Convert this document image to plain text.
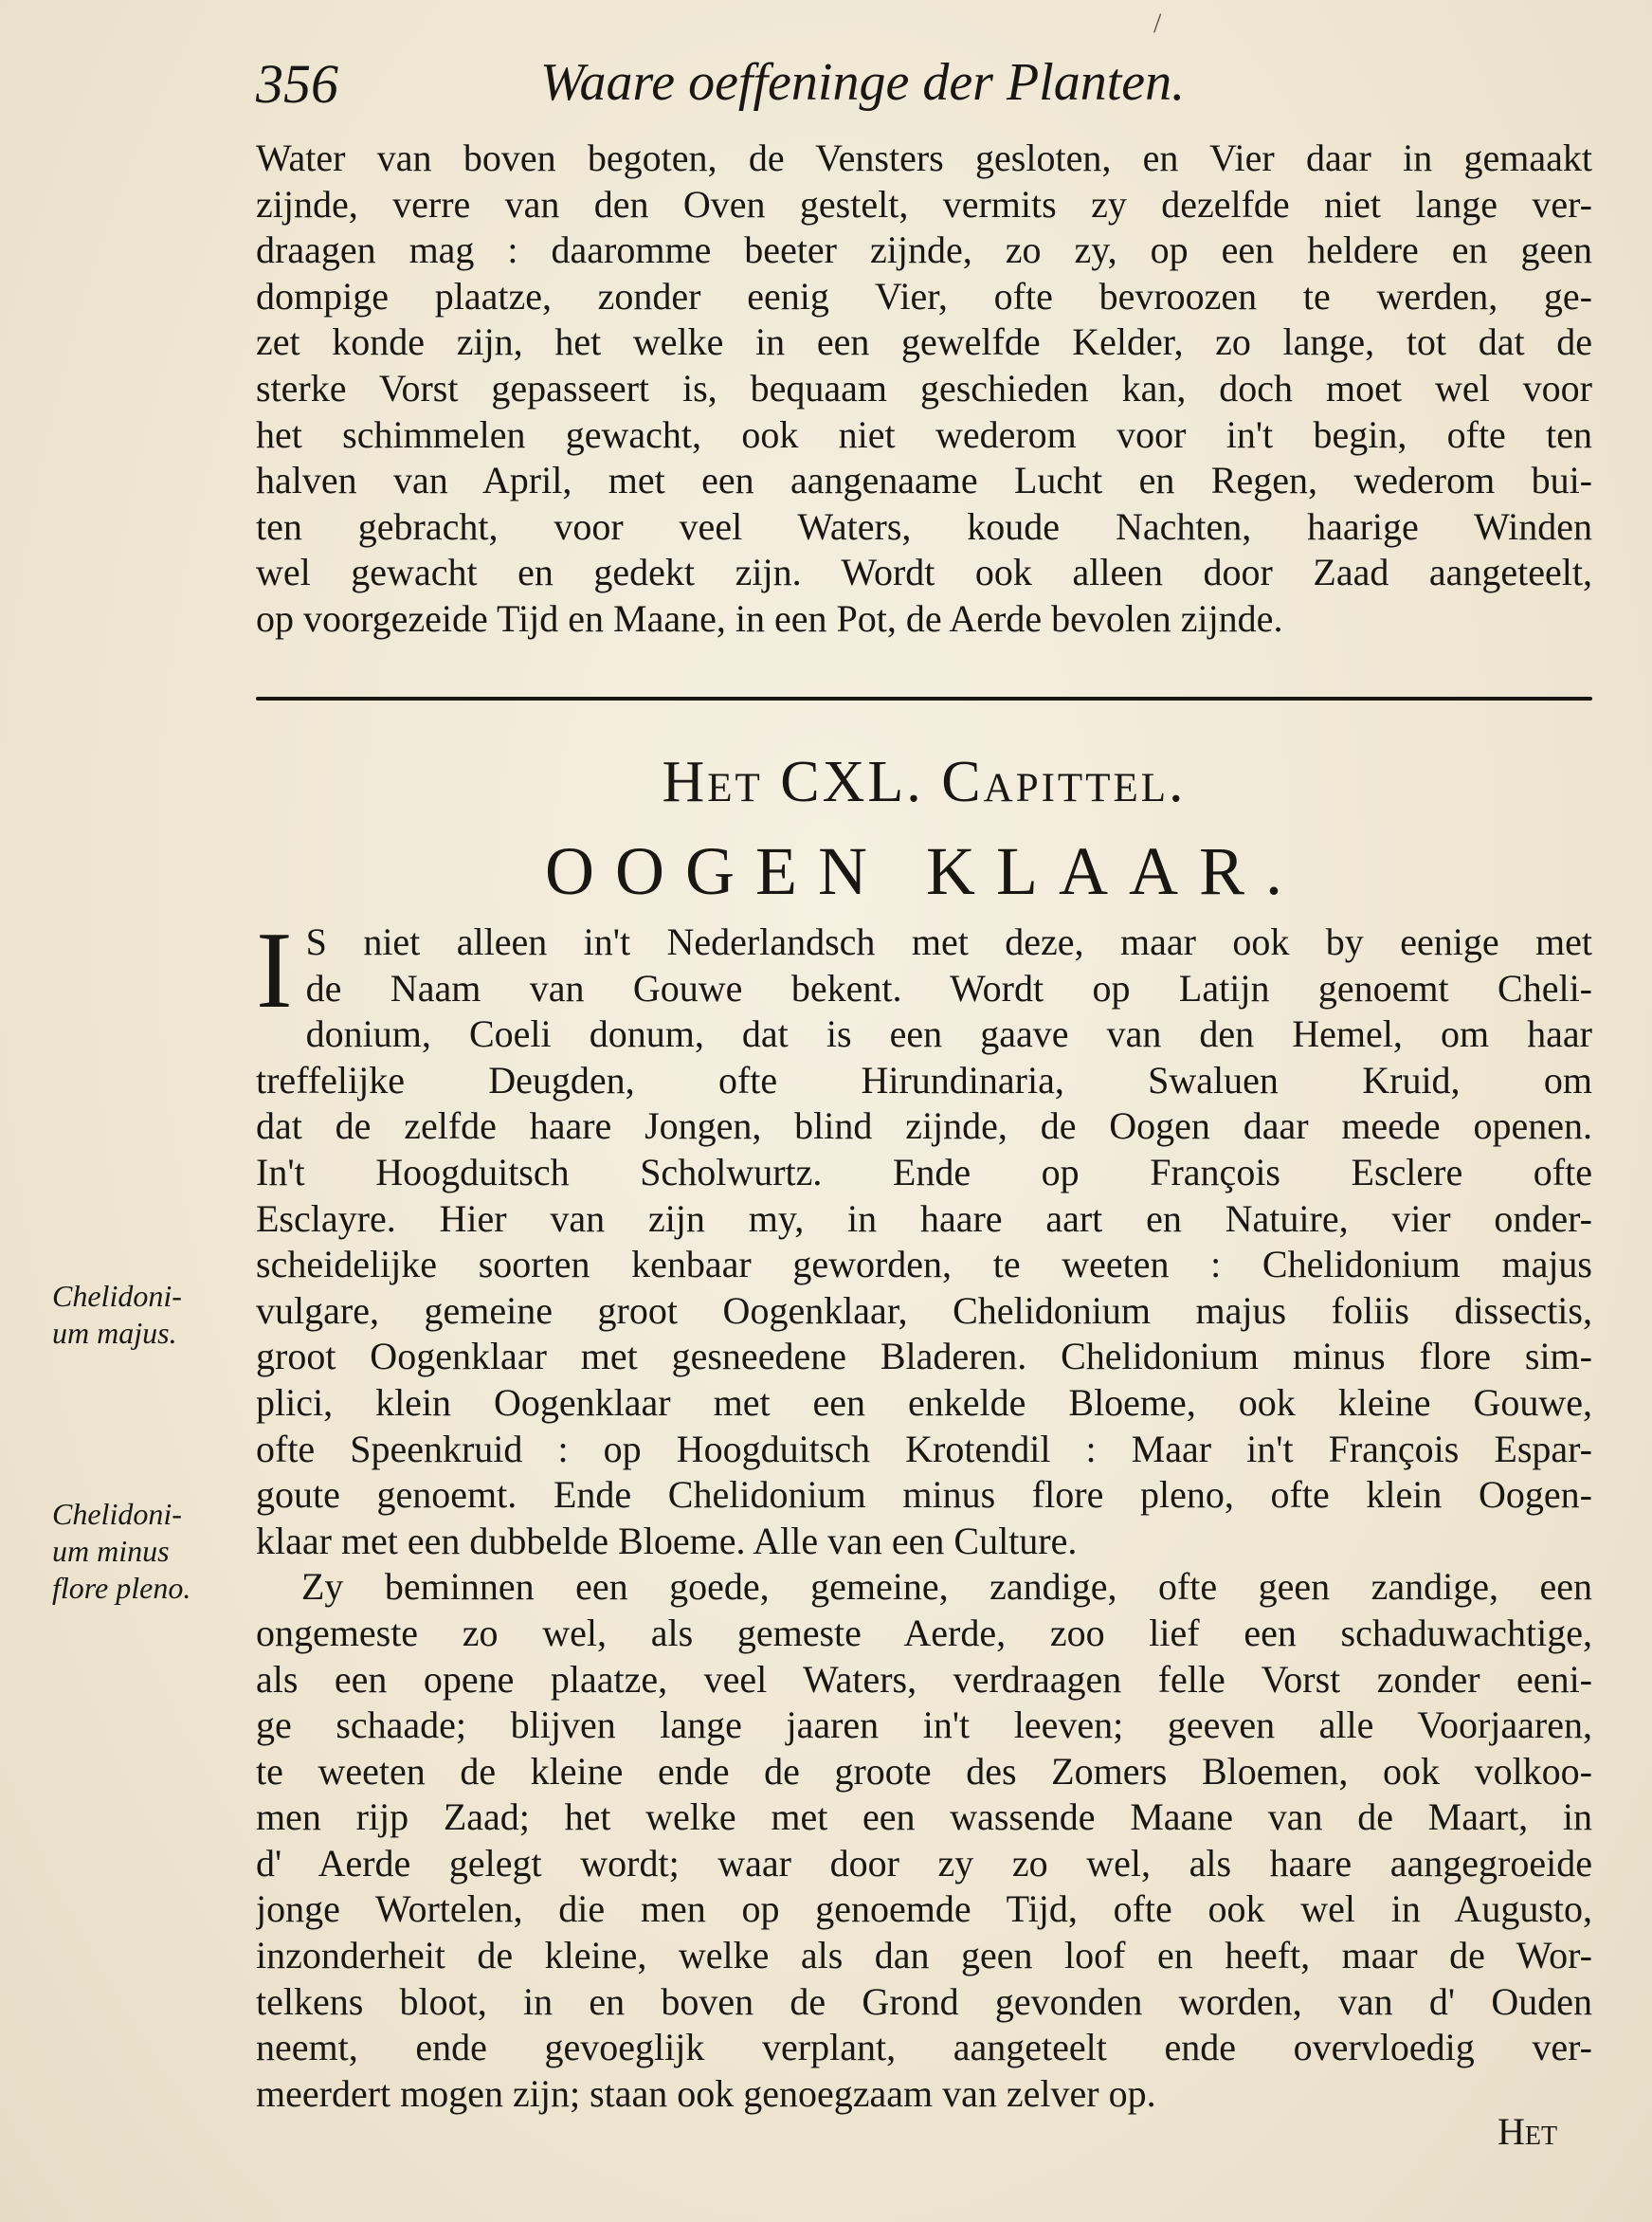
/
356	Waare oeffeninge der Planten.
Water van boven begoten, de Vensters gesloten, en Vier daar in gemaakt
zijnde, verre van den Oven gestelt, vermits zy dezelfde niet lange ver-
draagen mag : daaromme beeter zijnde, zo zy, op een heldere en geen
dompige plaatze, zonder eenig Vier, ofte bevroozen te werden, ge-
zet konde zijn, het welke in een gewelfde Kelder, zo lange, tot dat de
sterke Vorst gepasseert is, bequaam geschieden kan, doch moet wel voor
het schimmelen gewacht, ook niet wederom voor in't begin, ofte ten
halven van April, met een aangenaame Lucht en Regen, wederom bui-
ten gebracht, voor veel Waters, koude Nachten, haarige Winden
wel gewacht en gedekt zijn. Wordt ook alleen door Zaad aangeteelt,
op voorgezeide Tijd en Maane, in een Pot, de Aerde bevolen zijnde.
Het CXL. Capittel.
OOGEN KLAAR.
I S niet alleen in't Nederlandsch met deze, maar ook by eenige met
de Naam van Gouwe bekent. Wordt op Latijn genoemt Cheli-
donium, Coeli donum, dat is een gaave van den Hemel, om haar
treffelijke Deugden, ofte Hirundinaria, Swaluen Kruid, om
dat de zelfde haare Jongen, blind zijnde, de Oogen daar meede openen.
In't Hoogduitsch Scholwurtz. Ende op François Esclere ofte
Esclayre. Hier van zijn my, in haare aart en Natuire, vier onder-
scheidelijke soorten kenbaar geworden, te weeten : Chelidonium majus
vulgare, gemeine groot Oogenklaar, Chelidonium majus foliis dissectis,
groot Oogenklaar met gesneedene Bladeren. Chelidonium minus flore sim-
plici, klein Oogenklaar met een enkelde Bloeme, ook kleine Gouwe,
ofte Speenkruid : op Hoogduitsch Krotendil : Maar in't François Espar-
goute genoemt. Ende Chelidonium minus flore pleno, ofte klein Oogen-
klaar met een dubbelde Bloeme. Alle van een Culture.
Zy beminnen een goede, gemeine, zandige, ofte geen zandige, een
ongemeste zo wel, als gemeste Aerde, zoo lief een schaduwachtige,
als een opene plaatze, veel Waters, verdraagen felle Vorst zonder eeni-
ge schaade; blijven lange jaaren in't leeven; geeven alle Voorjaaren,
te weeten de kleine ende de groote des Zomers Bloemen, ook volkoo-
men rijp Zaad; het welke met een wassende Maane van de Maart, in
d' Aerde gelegt wordt; waar door zy zo wel, als haare aangegroeide
jonge Wortelen, die men op genoemde Tijd, ofte ook wel in Augusto,
inzonderheit de kleine, welke als dan geen loof en heeft, maar de Wor-
telkens bloot, in en boven de Grond gevonden worden, van d' Ouden
neemt, ende gevoeglijk verplant, aangeteelt ende overvloedig ver-
meerdert mogen zijn; staan ook genoegzaam van zelver op.
Chelidoni-
um majus.
Chelidoni-
um minus
flore pleno.
Het
